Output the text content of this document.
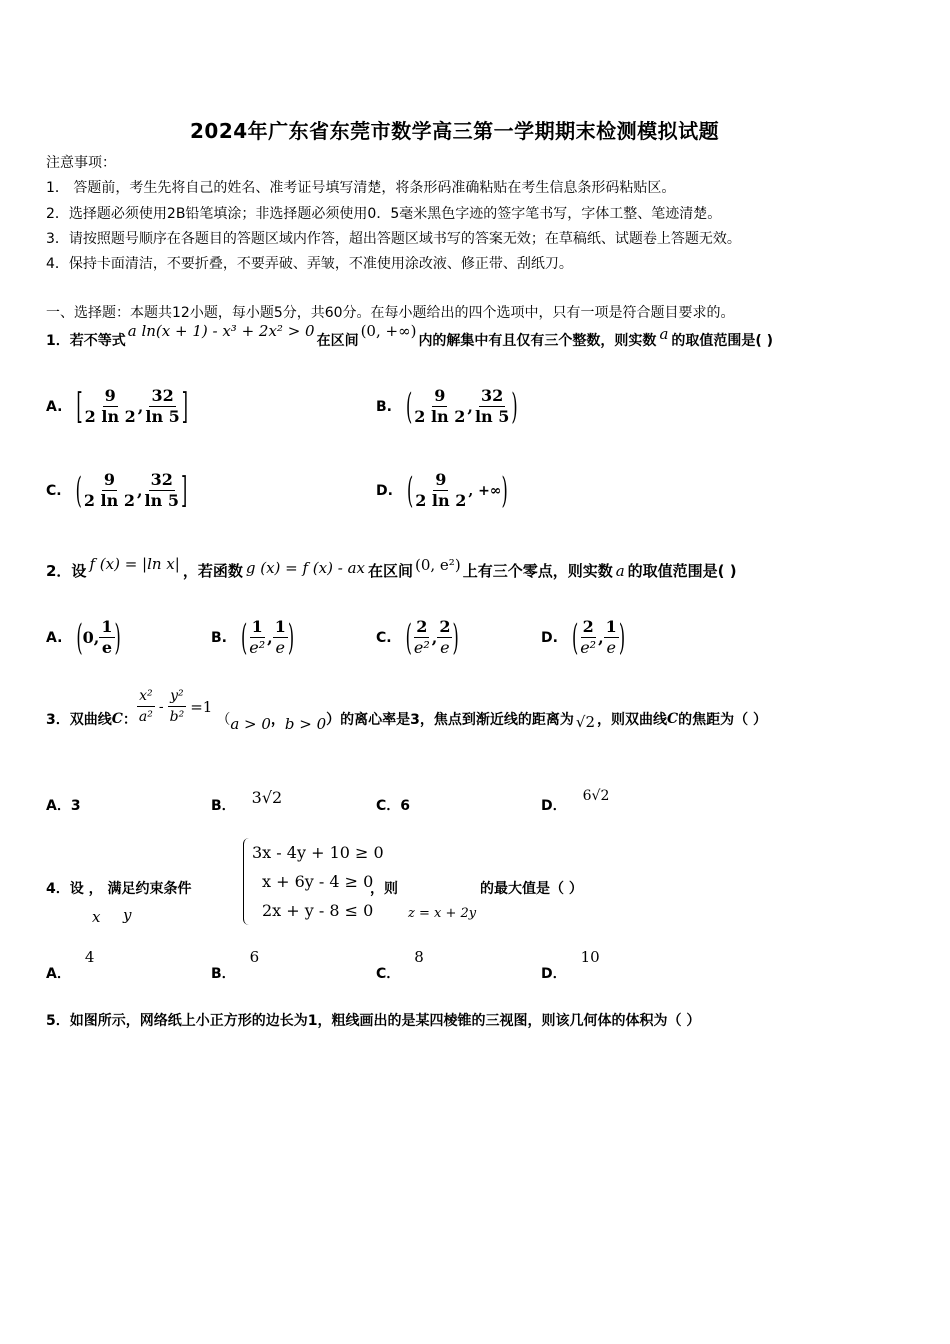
2024年广东省东莞市数学高三第一学期期末检测模拟试题
注意事项：
1． 答题前，考生先将自己的姓名、准考证号填写清楚，将条形码准确粘贴在考生信息条形码粘贴区。
2．选择题必须使用2B铅笔填涂；非选择题必须使用0．5毫米黑色字迹的签字笔书写，字体工整、笔迹清楚。
3．请按照题号顺序在各题目的答题区域内作答，超出答题区域书写的答案无效；在草稿纸、试题卷上答题无效。
4．保持卡面清洁，不要折叠，不要弄破、弄皱，不准使用涂改液、修正带、刮纸刀。
一、选择题：本题共12小题，每小题5分，共60分。在每小题给出的四个选项中，只有一项是符合题目要求的。
1．若不等式
a ln(x + 1) - x³ + 2x² > 0
在区间
(0, +∞)
内的解集中有且仅有三个整数，则实数 a 的取值范围是( )
A. [ $\frac{9}{2 \ln 2}$ , $\frac{32}{\ln 5}$ ]	B. ( $\frac{9}{2 \ln 2}$ , $\frac{32}{\ln 5}$ )
C. ( $\frac{9}{2 \ln 2}$ , $\frac{32}{\ln 5}$ ]	D. ( $\frac{9}{2 \ln 2}$ , +∞ )
2．设 f (x) = |ln x| ，若函数 g (x) = f (x) - ax 在区间 (0, e²) 上有三个零点，则实数 a 的取值范围是( )
A. ( 0, $\frac{1}{e}$ )	B. ( $\frac{1}{\text{e²}}$ , $\frac{1}{e}$ )	C. ( $\frac{2}{\text{e²}}$ , $\frac{2}{e}$ )	D. ( $\frac{2}{\text{e²}}$ , $\frac{1}{e}$ )
3．双曲线 C ： $\frac{\text{x²}}{\text{a²}} - \frac{\text{y²}}{\text{b²}} =1$
（ a > 0 ， b > 0 ）的离心率是3，焦点到渐近线的距离为 √2 ，则双曲线 C 的焦距为（ ）
A．3	B． 3√2	C．6	D．
6√2
4．设 ， 满足约束条件
x y
3x - 4y + 10 ≥ 0
x + 6y - 4 ≥ 0
2x + y - 8 ≤ 0
，则
z = x + 2y
的最大值是（ ）
A．
4
B．
6
C．
8
D．
10
5．如图所示，网络纸上小正方形的边长为1，粗线画出的是某四棱锥的三视图，则该几何体的体积为（ ）
